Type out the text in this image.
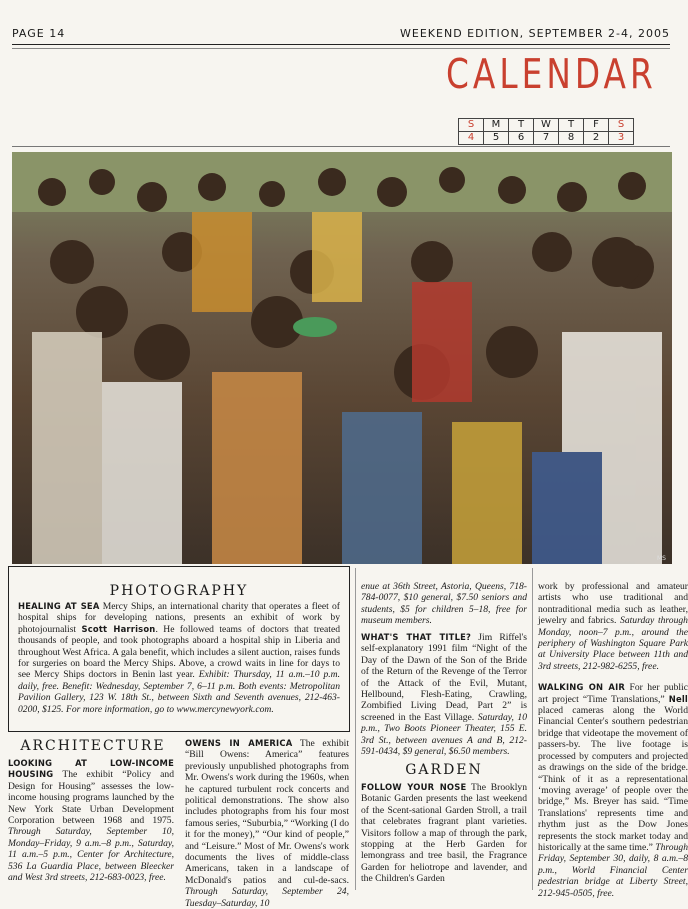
PAGE 14	WEEKEND EDITION, SEPTEMBER 2-4, 2005
CALENDAR
S	M	T	W	T	F	S
4	5	6	7	8	2	3
MS
PHOTOGRAPHY
HEALING AT SEA Mercy Ships, an international charity that operates a fleet of hospital ships for developing nations, presents an exhibit of work by photojournalist Scott Harrison. He followed teams of doctors that treated thousands of people, and took photographs aboard a hospital ship in Liberia and throughout West Africa. A gala benefit, which includes a silent auction, raises funds for surgeries on board the Mercy Ships. Above, a crowd waits in line for days to see Mercy Ships doctors in Benin last year. Exhibit: Thursday, 11 a.m.–10 p.m. daily, free. Benefit: Wednesday, September 7, 6–11 p.m. Both events: Metropolitan Pavilion Gallery, 123 W. 18th St., between Sixth and Seventh avenues, 212-463-0200, $125. For more information, go to www.mercynewyork.com.
ARCHITECTURE
LOOKING AT LOW-INCOME HOUSING The exhibit “Policy and Design for Housing” assesses the low-income housing programs launched by the New York State Urban Development Corporation between 1968 and 1975. Through Saturday, September 10, Monday–Friday, 9 a.m.–8 p.m., Saturday, 11 a.m.–5 p.m., Center for Architecture, 536 La Guardia Place, between Bleecker and West 3rd streets, 212-683-0023, free.
OWENS IN AMERICA The exhibit “Bill Owens: America” features previously unpublished photographs from Mr. Owens's work during the 1960s, when he captured turbulent rock concerts and political demonstrations. The show also includes photographs from his four most famous series, “Suburbia,” “Working (I do it for the money),” “Our kind of people,” and “Leisure.” Most of Mr. Owens's work documents the lives of middle-class Americans, taken in a landscape of McDonald's patios and cul-de-sacs. Through Saturday, September 24, Tuesday–Saturday, 10
enue at 36th Street, Astoria, Queens, 718-784-0077, $10 general, $7.50 seniors and students, $5 for children 5–18, free for museum members.
WHAT'S THAT TITLE? Jim Riffel's self-explanatory 1991 film “Night of the Day of the Dawn of the Son of the Bride of the Return of the Revenge of the Terror of the Attack of the Evil, Mutant, Hellbound, Flesh-Eating, Crawling, Zombified Living Dead, Part 2” is screened in the East Village. Saturday, 10 p.m., Two Boots Pioneer Theater, 155 E. 3rd St., between avenues A and B, 212-591-0434, $9 general, $6.50 members.
GARDEN
FOLLOW YOUR NOSE The Brooklyn Botanic Garden presents the last weekend of the Scent-sational Garden Stroll, a trail that celebrates fragrant plant varieties. Visitors follow a map of through the park, stopping at the Herb Garden for lemongrass and tree basil, the Fragrance Garden for heliotrope and lavender, and the Children's Garden
work by professional and amateur artists who use traditional and nontraditional media such as leather, jewelry and fabrics. Saturday through Monday, noon–7 p.m., around the periphery of Washington Square Park at University Place between 11th and 3rd streets, 212-982-6255, free.
WALKING ON AIR For her public art project “Time Translations,” Nell placed cameras along the World Financial Center's southern pedestrian bridge that videotape the movement of passers-by. The live footage is processed by computers and projected as drawings on the side of the bridge. “Think of it as a representational ‘moving average’ of people over the bridge,” Ms. Breyer has said. “Time Translations' represents time and rhythm just as the Dow Jones represents the stock market today and historically at the same time.” Through Friday, September 30, daily, 8 a.m.–8 p.m., World Financial Center pedestrian bridge at Liberty Street, 212-945-0505, free.
